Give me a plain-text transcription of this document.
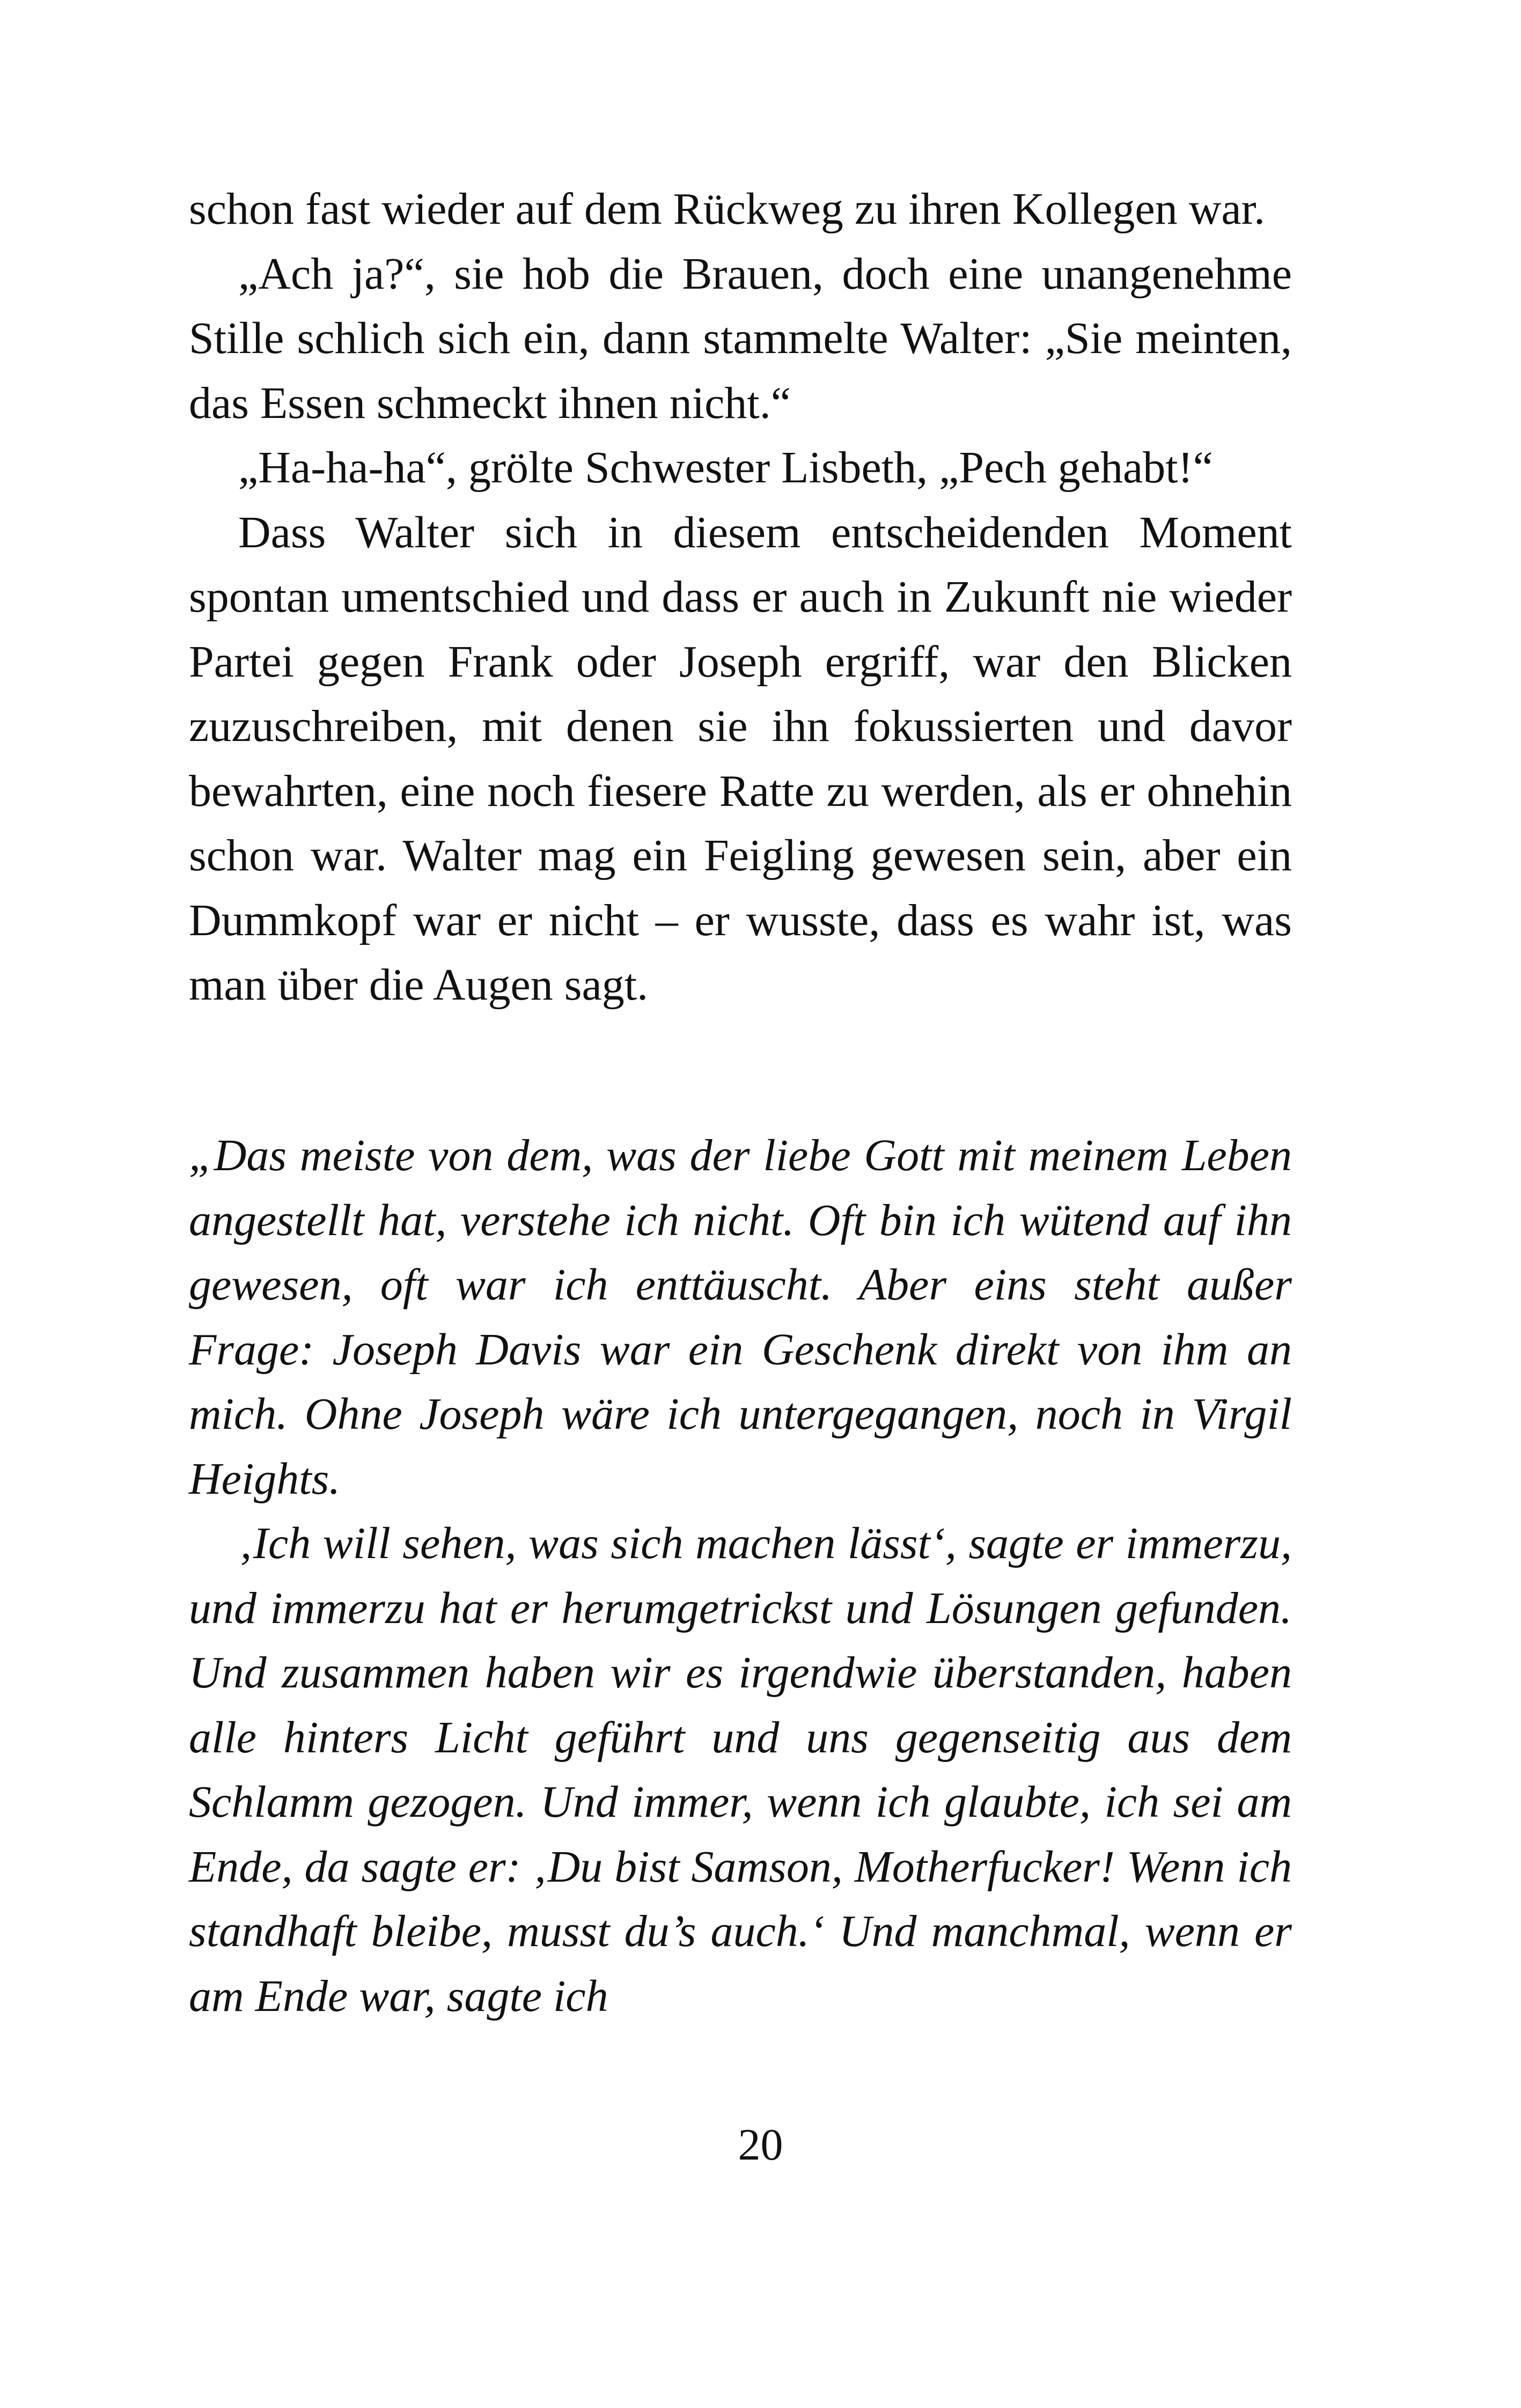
schon fast wieder auf dem Rückweg zu ihren Kollegen war.

„Ach ja?“, sie hob die Brauen, doch eine unangenehme Stille schlich sich ein, dann stammelte Walter: „Sie meinten, das Essen schmeckt ihnen nicht.“

„Ha-ha-ha“, grölte Schwester Lisbeth, „Pech gehabt!“

Dass Walter sich in diesem entscheidenden Moment spontan umentschied und dass er auch in Zukunft nie wieder Partei gegen Frank oder Joseph ergriff, war den Blicken zuzuschreiben, mit denen sie ihn fokussierten und davor bewahrten, eine noch fiesere Ratte zu werden, als er ohnehin schon war. Walter mag ein Feigling gewesen sein, aber ein Dummkopf war er nicht – er wusste, dass es wahr ist, was man über die Augen sagt.

„Das meiste von dem, was der liebe Gott mit meinem Leben angestellt hat, verstehe ich nicht. Oft bin ich wütend auf ihn gewesen, oft war ich enttäuscht. Aber eins steht außer Frage: Joseph Davis war ein Geschenk direkt von ihm an mich. Ohne Joseph wäre ich untergegangen, noch in Virgil Heights.

‚Ich will sehen, was sich machen lässt‘, sagte er immerzu, und immerzu hat er herumgetrickst und Lösungen gefunden. Und zusammen haben wir es irgendwie überstanden, haben alle hinters Licht geführt und uns gegenseitig aus dem Schlamm gezogen. Und immer, wenn ich glaubte, ich sei am Ende, da sagte er: ‚Du bist Samson, Motherfucker! Wenn ich standhaft bleibe, musst du’s auch.‘ Und manchmal, wenn er am Ende war, sagte ich

20
